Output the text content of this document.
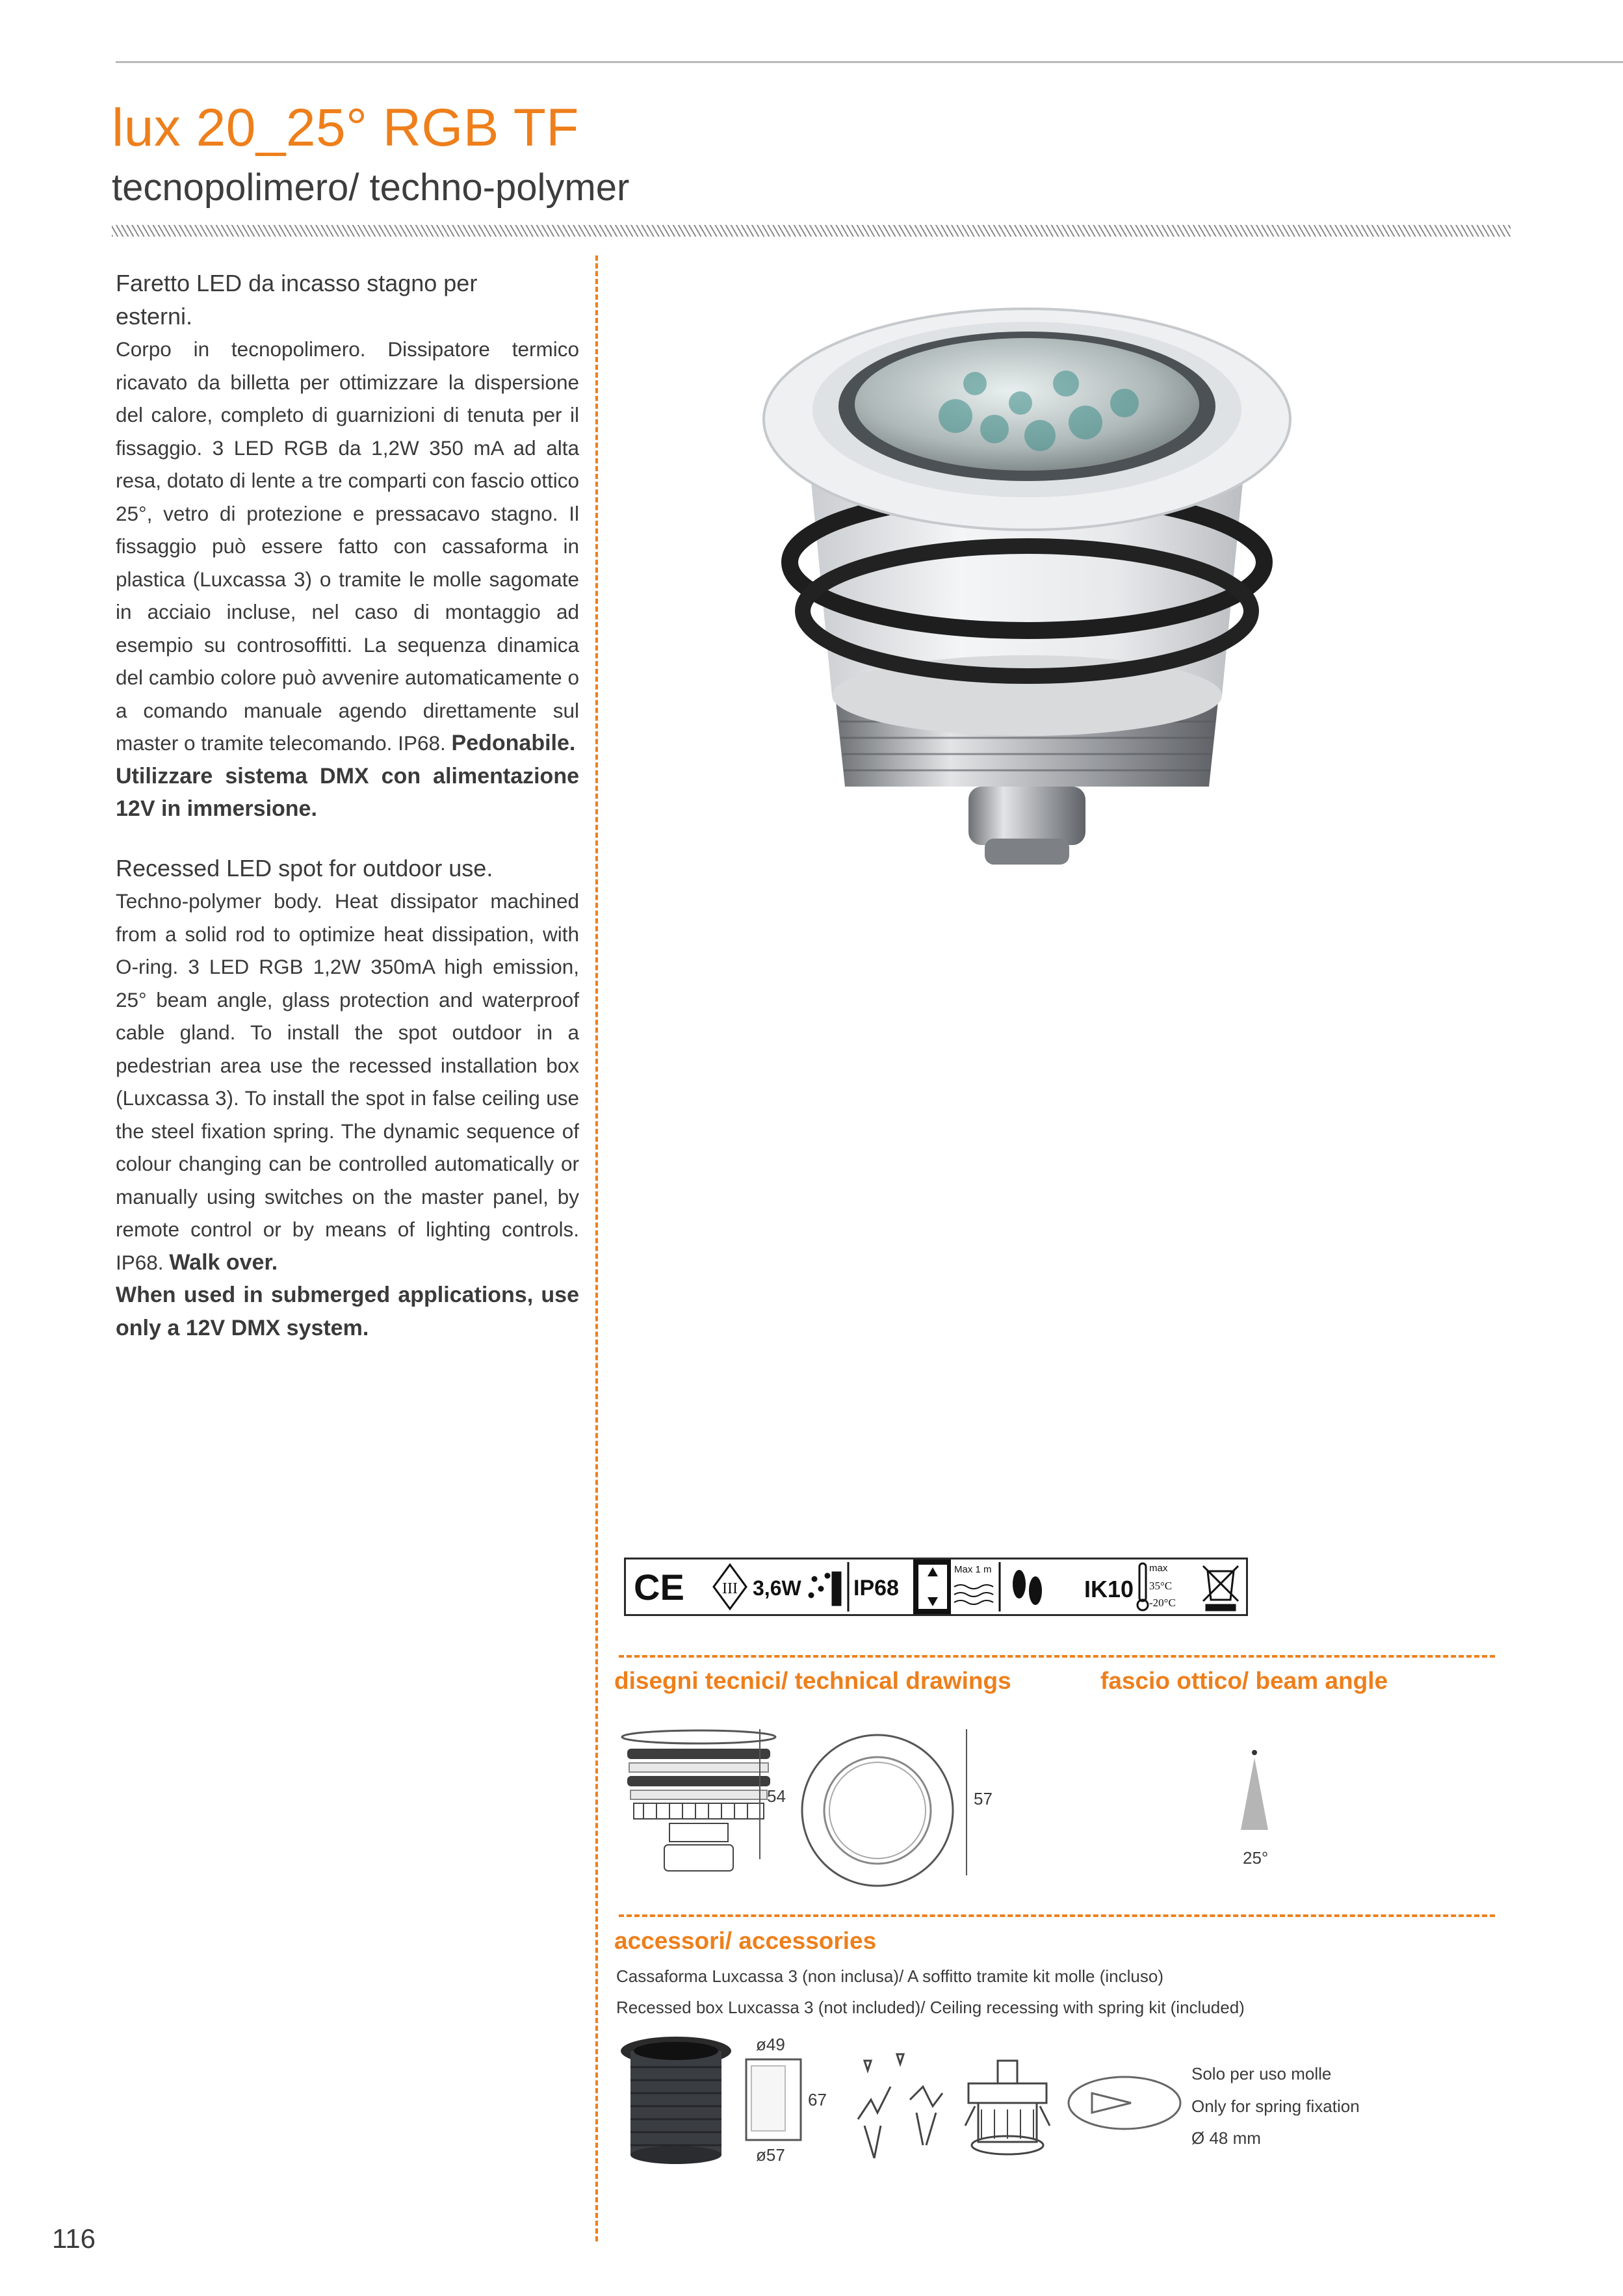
lux 20_25° RGB TF
tecnopolimero/ techno-polymer

Faretto LED da incasso stagno per esterni.

Corpo in tecnopolimero. Dissipatore termico ricavato da billetta per ottimizzare la dispersione del calore, completo di guarnizioni di tenuta per il fissaggio. 3 LED RGB da 1,2W 350 mA ad alta resa, dotato di lente a tre comparti con fascio ottico 25°, vetro di protezione e pressacavo stagno. Il fissaggio può essere fatto con cassaforma in plastica (Luxcassa 3) o tramite le molle sagomate in acciaio incluse, nel caso di montaggio ad esempio su controsoffitti. La sequenza dinamica del cambio colore può avvenire automaticamente o a comando manuale agendo direttamente sul master o tramite telecomando. IP68. Pedonabile.

Utilizzare sistema DMX con alimentazione 12V in immersione.

Recessed LED spot for outdoor use.

Techno-polymer body. Heat dissipator machined from a solid rod to optimize heat dissipation, with O-ring. 3 LED RGB 1,2W 350mA high emission, 25° beam angle, glass protection and waterproof cable gland. To install the spot outdoor in a pedestrian area use the recessed installation box (Luxcassa 3). To install the spot in false ceiling use the steel fixation spring. The dynamic sequence of colour changing can be controlled automatically or manually using switches on the master panel, by remote control or by means of lighting controls. IP68. Walk over.

When used in submerged applications, use only a 12V DMX system.

CE III 3,6W IP68
Max 1 m
IK10
max
35°C
-20°C
disegni tecnici/ technical drawings	fascio ottico/ beam angle
54	57
25°
accessori/ accessories
Cassaforma Luxcassa 3 (non inclusa)/ A soffitto tramite kit molle (incluso)
Recessed box Luxcassa 3 (not included)/ Ceiling recessing with spring kit (included)
ø49
67
ø57
Solo per uso molle
Only for spring fixation
Ø 48 mm
116
